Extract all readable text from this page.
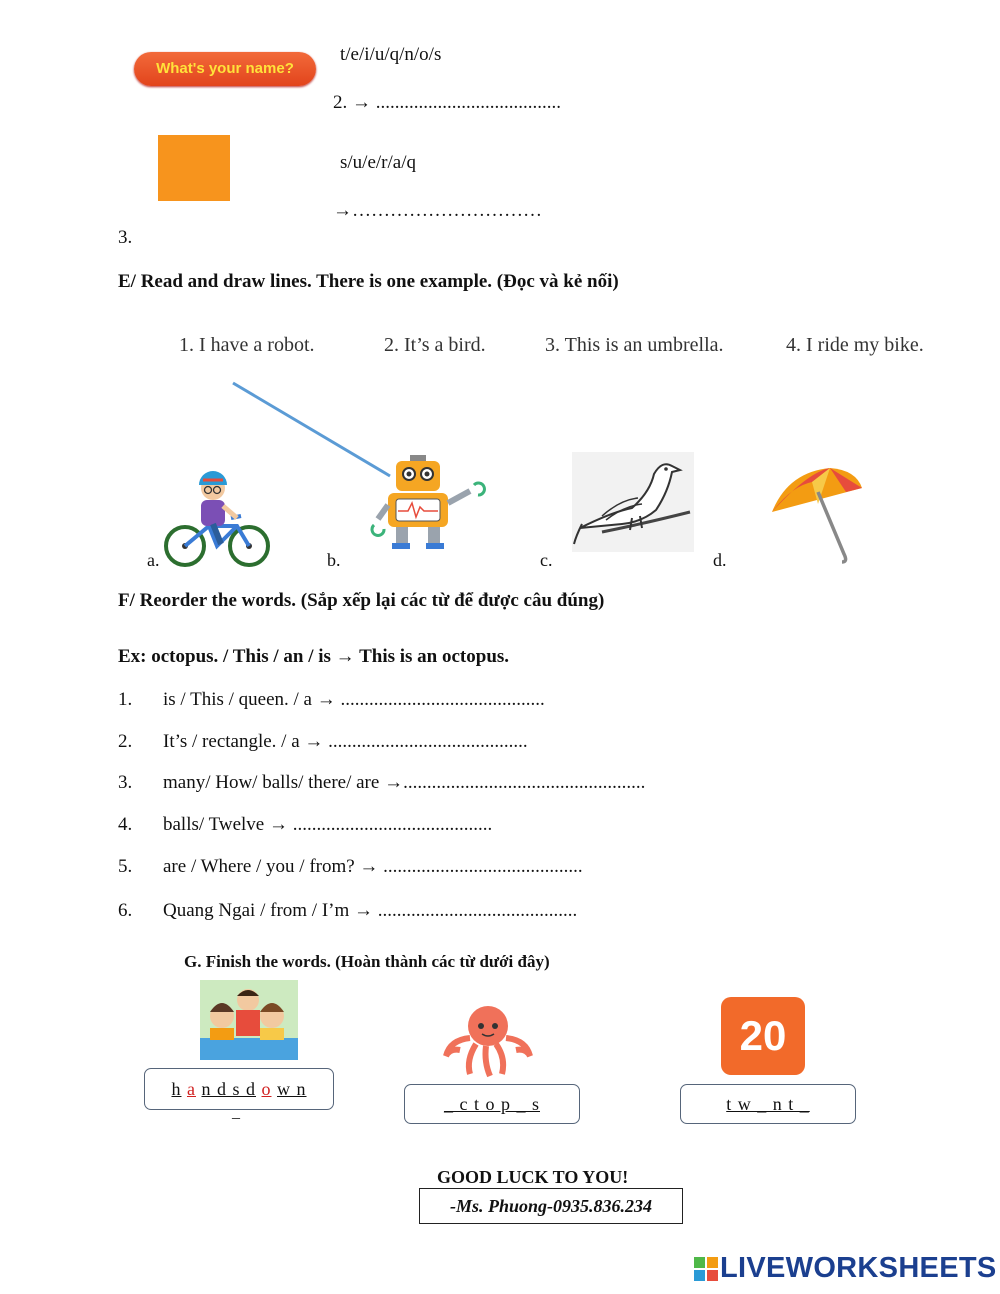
What's your name?
t/e/i/u/q/n/o/s
2. → .......................................
s/u/e/r/a/q
→…………………………
3.
E/ Read and draw lines. There is one example. (Đọc và kẻ nối)
1. I have a robot.	2. It’s a bird.	3. This is an umbrella.	4. I ride my bike.
a.	b.	c.	d.
F/ Reorder the words. (Sắp xếp lại các từ để được câu đúng)
Ex: octopus. / This / an / is → This is an octopus.
1. is / This / queen. / a → ...........................................
2. It’s / rectangle. / a → ..........................................
3. many/ How/ balls/ there/ are →...................................................
4. balls/ Twelve → ..........................................
5. are / Where / you / from? → ..........................................
6. Quang Ngai / from / I’m → ..........................................
G. Finish the words. (Hoàn thành các từ dưới đây)
h a n d s d o w n
_	_ c t o p _ s
20
t w _ n t _
GOOD LUCK TO YOU!
-Ms. Phuong-0935.836.234
LIVEWORKSHEETS
